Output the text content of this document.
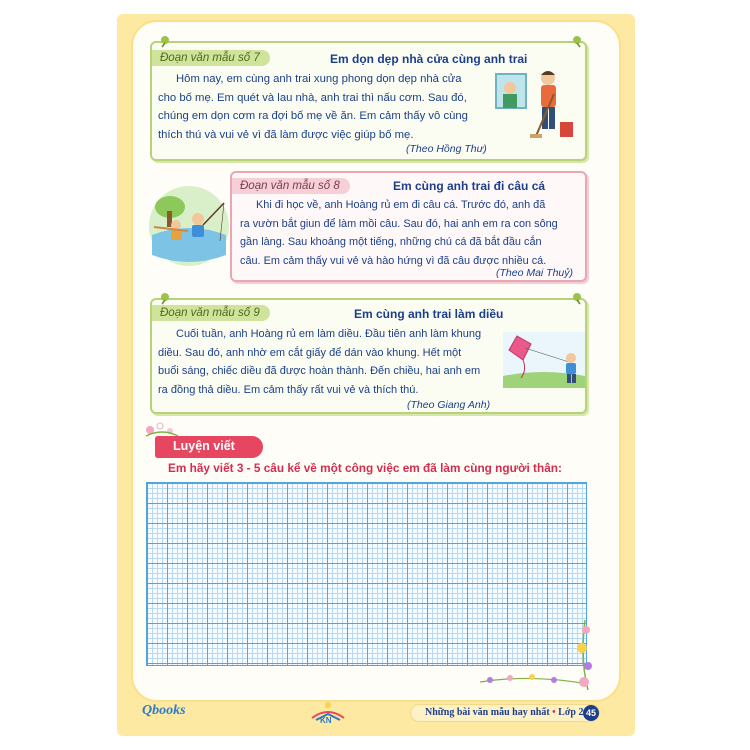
Đoạn văn mẫu số 7	Em dọn dẹp nhà cửa cùng anh trai
Hôm nay, em cùng anh trai xung phong dọn dẹp nhà cửa
cho bố mẹ. Em quét và lau nhà, anh trai thì nấu cơm. Sau đó,
chúng em dọn cơm ra đợi bố mẹ về ăn. Em cảm thấy vô cùng
thích thú và vui vẻ vì đã làm được việc giúp bố mẹ.
(Theo Hồng Thư)
Đoạn văn mẫu số 8	Em cùng anh trai đi câu cá
Khi đi học về, anh Hoàng rủ em đi câu cá. Trước đó, anh đã
ra vườn bắt giun để làm mồi câu. Sau đó, hai anh em ra con sông
gần làng. Sau khoảng một tiếng, những chú cá đã bắt đầu cắn
câu. Em cảm thấy vui vẻ và hào hứng vì đã câu được nhiều cá.
(Theo Mai Thuỷ)
Đoạn văn mẫu số 9	Em cùng anh trai làm diều
Cuối tuần, anh Hoàng rủ em làm diều. Đầu tiên anh làm khung
diều. Sau đó, anh nhờ em cắt giấy để dán vào khung. Hết một
buổi sáng, chiếc diều đã được hoàn thành. Đến chiều, hai anh em
ra đồng thả diều. Em cảm thấy rất vui vẻ và thích thú.
(Theo Giang Anh)
Luyện viết
Em hãy viết 3 - 5 câu kể về một công việc em đã làm cùng người thân:
Qbooks
KN
Những bài văn mẫu hay nhất • Lớp 2 45
